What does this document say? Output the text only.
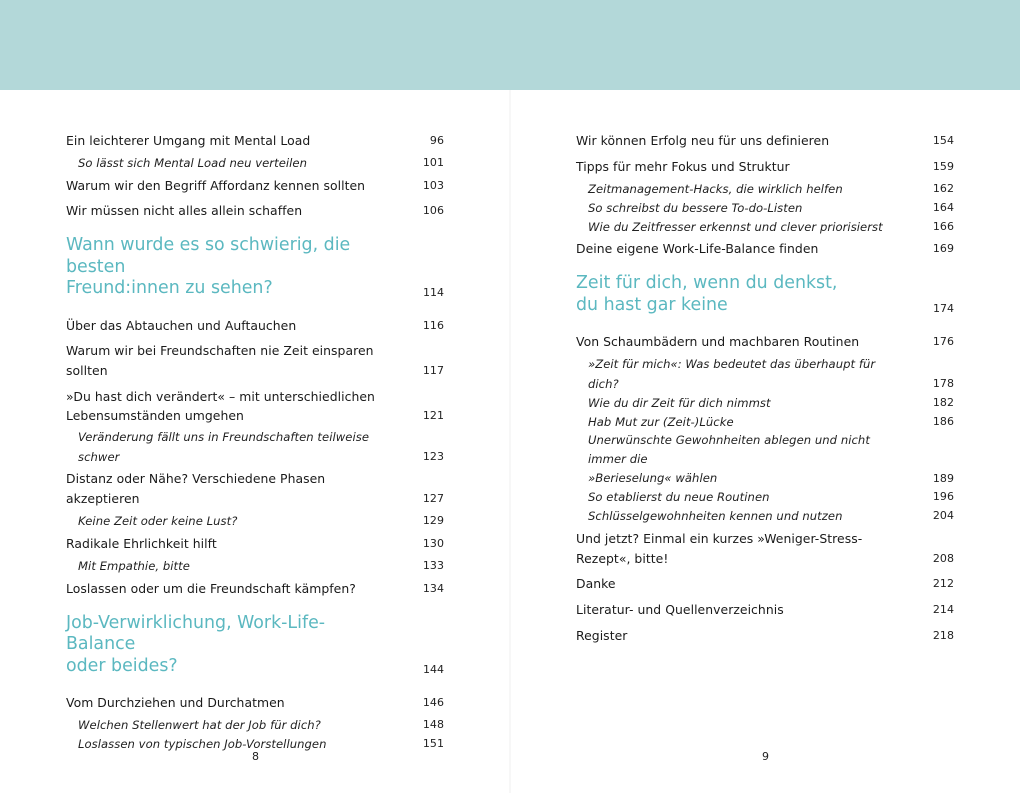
Ein leichterer Umgang mit Mental Load	96
So lässt sich Mental Load neu verteilen	101
Warum wir den Begriff Affordanz kennen sollten	103
Wir müssen nicht alles allein schaffen	106
Wann wurde es so schwierig, die besten
Freund:innen zu sehen?	114
Über das Abtauchen und Auftauchen	116
Warum wir bei Freundschaften nie Zeit einsparen sollten	117
»Du hast dich verändert« – mit unterschiedlichen
Lebensumständen umgehen	121
Veränderung fällt uns in Freundschaften teilweise schwer	123
Distanz oder Nähe? Verschiedene Phasen akzeptieren	127
Keine Zeit oder keine Lust?	129
Radikale Ehrlichkeit hilft	130
Mit Empathie, bitte	133
Loslassen oder um die Freundschaft kämpfen?	134
Job-Verwirklichung, Work-Life-Balance
oder beides?	144
Vom Durchziehen und Durchatmen	146
Welchen Stellenwert hat der Job für dich?	148
Loslassen von typischen Job-Vorstellungen	151
8
Wir können Erfolg neu für uns definieren	154
Tipps für mehr Fokus und Struktur	159
Zeitmanagement-Hacks, die wirklich helfen	162
So schreibst du bessere To-do-Listen	164
Wie du Zeitfresser erkennst und clever priorisierst	166
Deine eigene Work-Life-Balance finden	169
Zeit für dich, wenn du denkst,
du hast gar keine	174
Von Schaumbädern und machbaren Routinen	176
»Zeit für mich«: Was bedeutet das überhaupt für dich?	178
Wie du dir Zeit für dich nimmst	182
Hab Mut zur (Zeit-)Lücke	186
Unerwünschte Gewohnheiten ablegen und nicht immer die
»Berieselung« wählen	189
So etablierst du neue Routinen	196
Schlüsselgewohnheiten kennen und nutzen	204
Und jetzt? Einmal ein kurzes »Weniger-Stress-Rezept«, bitte!	208
Danke	212
Literatur- und Quellenverzeichnis	214
Register	218
9
